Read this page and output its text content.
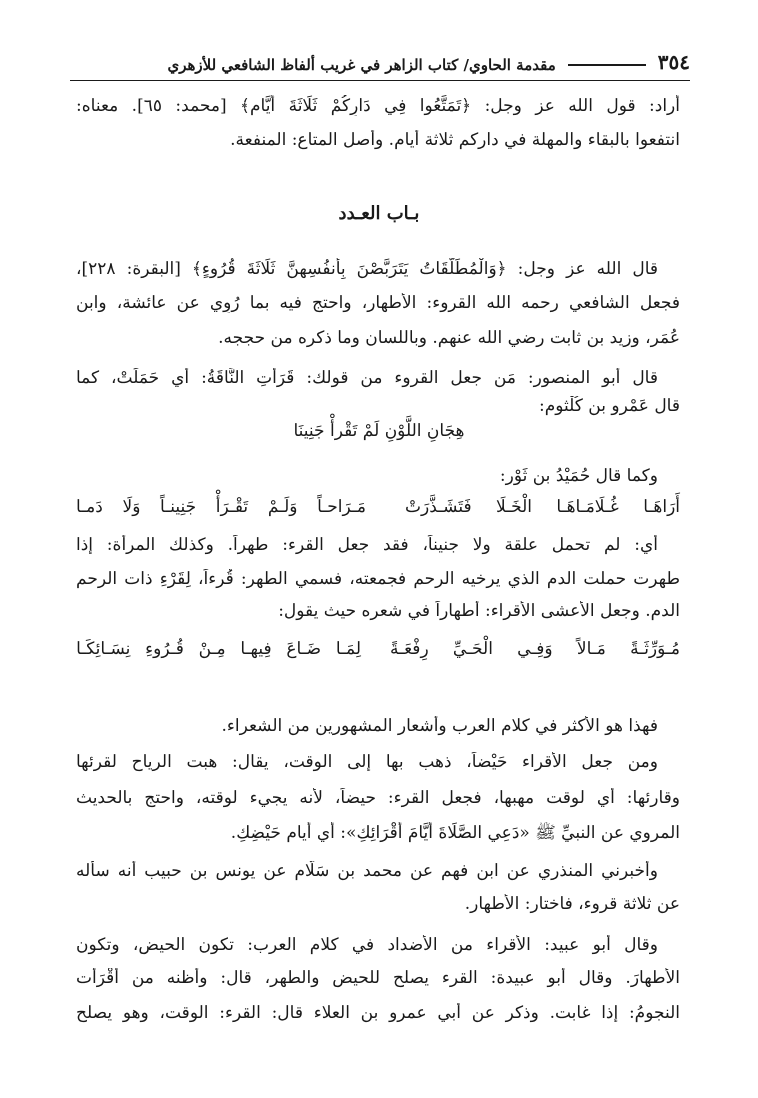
٣٥٤
مقدمة الحاوي/ كتاب الزاهر في غريب ألفاظ الشافعي للأزهري
أراد: قول الله عز وجل: ﴿تَمَتَّعُوا فِي دَارِكُمْ ثَلَاثَةَ أَيَّامٍ﴾ [محمد: ٦٥]. معناه:
انتفعوا بالبقاء والمهلة في داركم ثلاثة أيام. وأصل المتاع: المنفعة.
بـاب العـدد
قال الله عز وجل: ﴿وَالْمُطَلَّقَاتُ يَتَرَبَّصْنَ بِأَنفُسِهِنَّ ثَلَاثَةَ قُرُوءٍ﴾ [البقرة: ٢٢٨]،
فجعل الشافعي رحمه الله القروء: الأطهار، واحتج فيه بما رُوِي عن عائشة، وابن
عُمَر، وزيد بن ثابت رضي الله عنهم. وباللسان وما ذكره من حججه.
قال أبو المنصور: مَن جعل القروء من قولك: قَرَأَتِ النَّاقَةُ: أي حَمَلَتْ، كما
قال عَمْرو بن كُلْثوم:
هِجَانِ اللَّوْنِ لَمْ تَقْرأْ جَنِينَا
وكما قال حُمَيْدُ بن ثَوْر:
أَرَاهَـا
غُـلَامَـاهَـا
الْخَـلَا
فَتَشَـذَّرَتْ
مَـرَاحـاً
وَلَـمْ
تَقْـرَأْ
جَنِينـاً
وَلَا
دَمـا
أي: لم تحمل علقة ولا جنيناً، فقد جعل القرء: طهراً. وكذلك المرأة: إذا
طهرت حملت الدم الذي يرخيه الرحم فجمعته، فسمي الطهر: قُرءاً، لِقَرْءِ ذات الرحم
الدم. وجعل الأعشى الأقراء: أطهاراً في شعره حيث يقول:
مُـوَرِّثَـةً
مَـالاً
وَفِـي
الْحَـيِّ
رِفْعَـةً
لِمَـا
ضَـاعَ
فِيهـا
مِـنْ
قُـرُوءِ
نِسَـائِكَـا
فهذا هو الأكثر في كلام العرب وأشعار المشهورين من الشعراء.
ومن جعل الأقراء حَيْضاً، ذهب بها إلى الوقت، يقال: هبت الرياح لقرئها
وقارئها: أي لوقت مهبها، فجعل القرء: حيضاً، لأنه يجيء لوقته، واحتج بالحديث
المروي عن النبيِّ ﷺ «دَعِي الصَّلَاةَ أَيَّامَ أَقْرَائِكِ»: أي أيام حَيْضِكِ.
وأخبرني المنذري عن ابن فهم عن محمد بن سَلّام عن يونس بن حبيب أنه سأله
عن ثلاثة قروء، فاختار: الأطهار.
وقال أبو عبيد: الأقراء من الأضداد في كلام العرب: تكون الحيض، وتكون
الأطهارَ. وقال أبو عبيدة: القرء يصلح للحيض والطهر، قال: وأظنه من أَقْرَأَت
النجومُ: إذا غابت. وذكر عن أبي عمرو بن العلاء قال: القرء: الوقت، وهو يصلح
